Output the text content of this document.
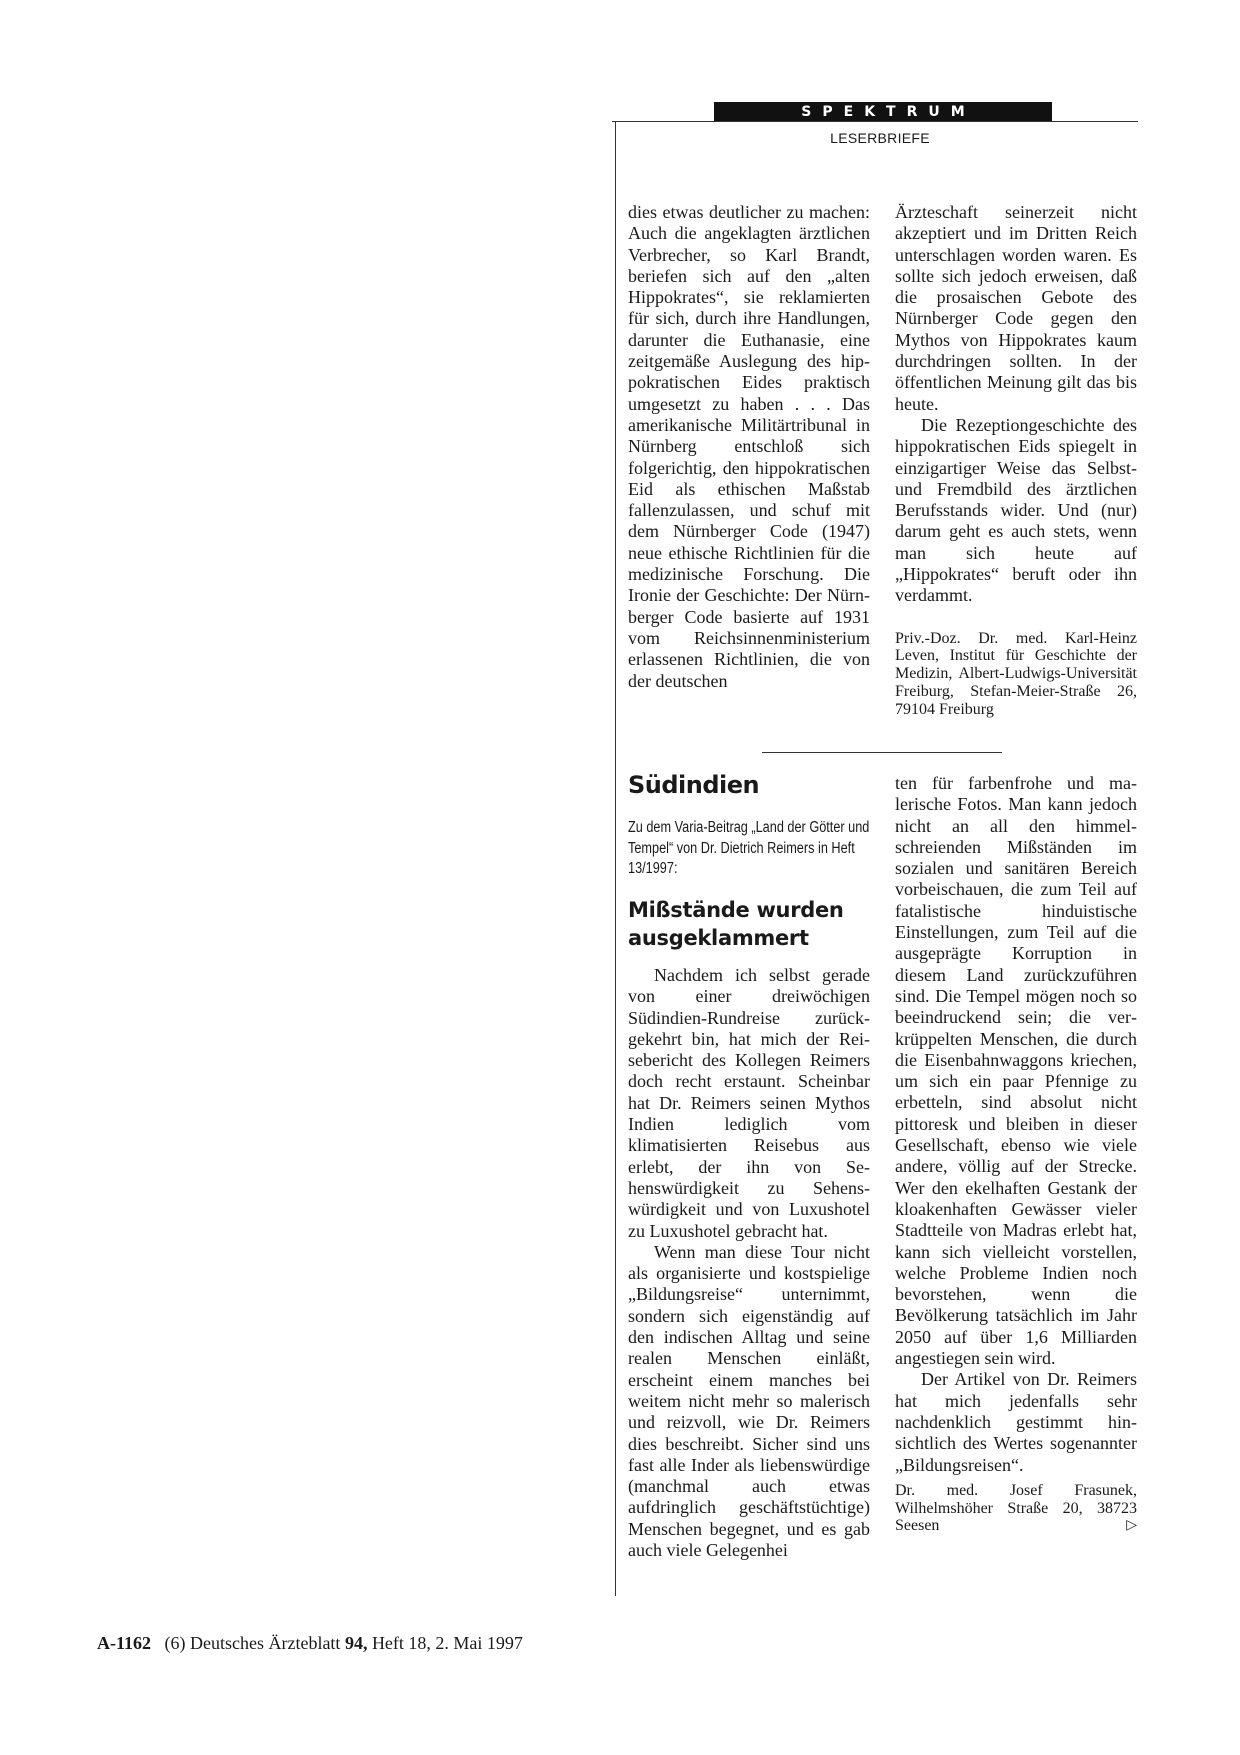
SPEKTRUM
LESERBRIEFE

dies etwas deutlicher zu machen: Auch die angeklagten ärztlichen Verbrecher, so Karl Brandt, beriefen sich auf den „alten Hippokrates“, sie reklamierten für sich, durch ihre Handlungen, darunter die Euthanasie, eine zeitgemäße Auslegung des hippokratischen Eides praktisch umgesetzt zu haben . . . Das amerikanische Militärtribunal in Nürnberg entschloß sich folgerichtig, den hippokratischen Eid als ethischen Maßstab fallenzulassen, und schuf mit dem Nürnberger Code (1947) neue ethische Richtlinien für die medizinische Forschung. Die Ironie der Geschichte: Der Nürnberger Code basierte auf 1931 vom Reichsinnenministerium erlassenen Richtlinien, die von der deutschen

Ärzteschaft seinerzeit nicht akzeptiert und im Dritten Reich unterschlagen worden waren. Es sollte sich jedoch erweisen, daß die prosaischen Gebote des Nürnberger Code gegen den Mythos von Hippokrates kaum durchdringen sollten. In der öffentlichen Meinung gilt das bis heute.

Die Rezeptiongeschichte des hippokratischen Eids spiegelt in einzigartiger Weise das Selbst- und Fremdbild des ärztlichen Berufsstands wider. Und (nur) darum geht es auch stets, wenn man sich heute auf „Hippokrates“ beruft oder ihn verdammt.

Priv.-Doz. Dr. med. Karl-Heinz Leven, Institut für Geschichte der Medizin, Albert-Ludwigs-Universität Freiburg, Stefan-Meier-Straße 26, 79104 Freiburg

Südindien
Zu dem Varia-Beitrag „Land der Götter und Tempel“ von Dr. Dietrich Reimers in Heft 13/1997:
Mißstände wurden ausgeklammert

Nachdem ich selbst gerade von einer dreiwöchigen Südindien-Rundreise zurückgekehrt bin, hat mich der Reisebericht des Kollegen Reimers doch recht erstaunt. Scheinbar hat Dr. Reimers seinen Mythos Indien lediglich vom klimatisierten Reisebus aus erlebt, der ihn von Sehenswürdigkeit zu Sehenswürdigkeit und von Luxushotel zu Luxushotel gebracht hat.

Wenn man diese Tour nicht als organisierte und kostspielige „Bildungsreise“ unternimmt, sondern sich eigenständig auf den indischen Alltag und seine realen Menschen einläßt, erscheint einem manches bei weitem nicht mehr so malerisch und reizvoll, wie Dr. Reimers dies beschreibt. Sicher sind uns fast alle Inder als liebenswürdige (manchmal auch etwas aufdringlich geschäftstüchtige) Menschen begegnet, und es gab auch viele Gelegenhei

ten für farbenfrohe und malerische Fotos. Man kann jedoch nicht an all den himmelschreienden Mißständen im sozialen und sanitären Bereich vorbeischauen, die zum Teil auf fatalistische hinduistische Einstellungen, zum Teil auf die ausgeprägte Korruption in diesem Land zurückzuführen sind. Die Tempel mögen noch so beeindruckend sein; die verkrüppelten Menschen, die durch die Eisenbahnwaggons kriechen, um sich ein paar Pfennige zu erbetteln, sind absolut nicht pittoresk und bleiben in dieser Gesellschaft, ebenso wie viele andere, völlig auf der Strecke. Wer den ekelhaften Gestank der kloakenhaften Gewässer vieler Stadtteile von Madras erlebt hat, kann sich vielleicht vorstellen, welche Probleme Indien noch bevorstehen, wenn die Bevölkerung tatsächlich im Jahr 2050 auf über 1,6 Milliarden angestiegen sein wird.

Der Artikel von Dr. Reimers hat mich jedenfalls sehr nachdenklich gestimmt hinsichtlich des Wertes sogenannter „Bildungsreisen“.

Dr. med. Josef Frasunek, Wilhelmshöher Straße 20, 38723 Seesen	▷

A-1162 (6) Deutsches Ärzteblatt 94, Heft 18, 2. Mai 1997
